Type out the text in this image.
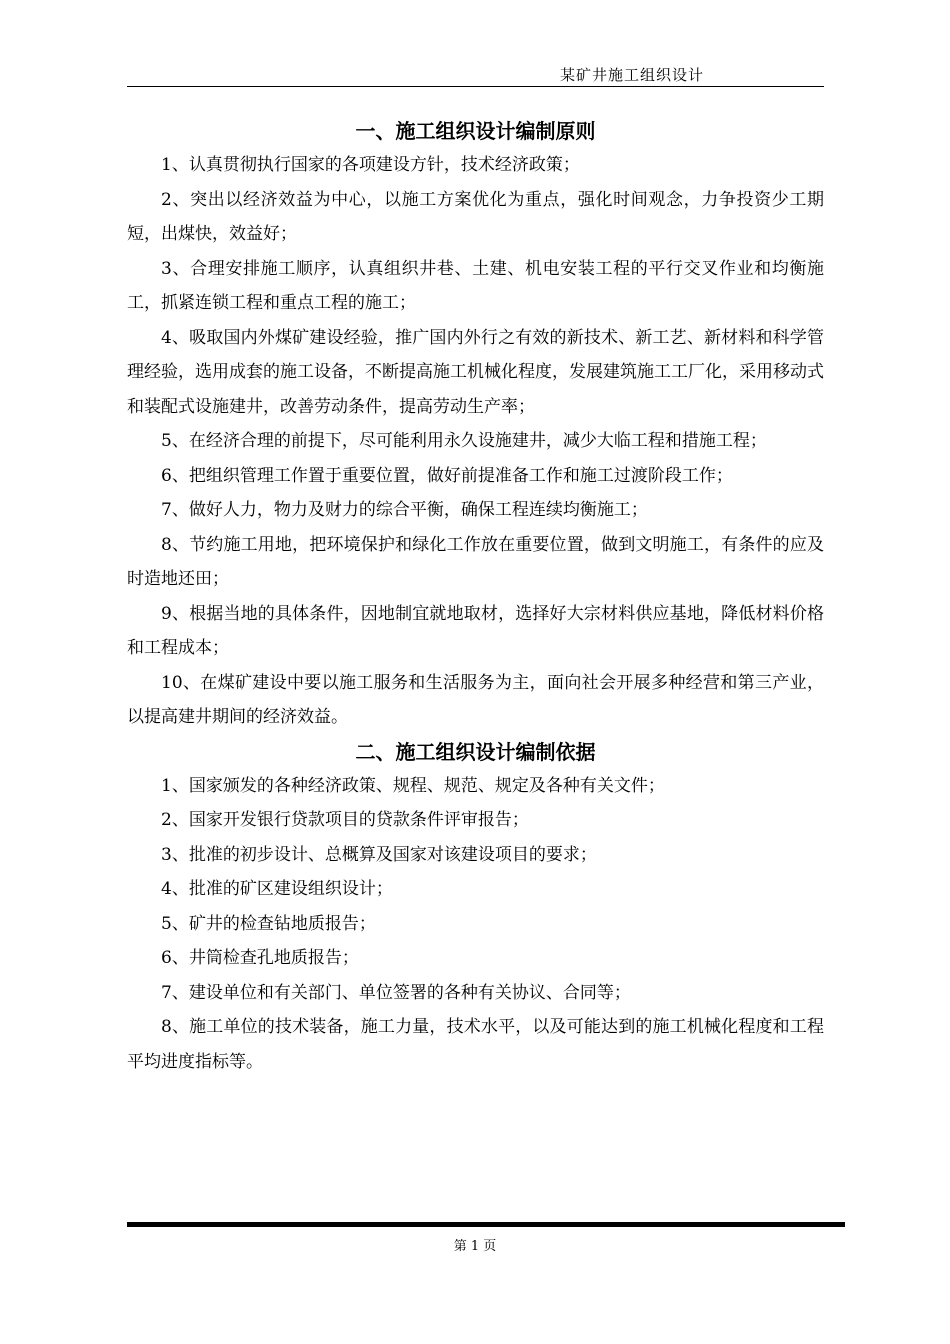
某矿井施工组织设计
一、施工组织设计编制原则

1、认真贯彻执行国家的各项建设方针，技术经济政策；

2、突出以经济效益为中心，以施工方案优化为重点，强化时间观念，力争投资少工期短，出煤快，效益好；

3、合理安排施工顺序，认真组织井巷、土建、机电安装工程的平行交叉作业和均衡施工，抓紧连锁工程和重点工程的施工；

4、吸取国内外煤矿建设经验，推广国内外行之有效的新技术、新工艺、新材料和科学管理经验，选用成套的施工设备，不断提高施工机械化程度，发展建筑施工工厂化，采用移动式和装配式设施建井，改善劳动条件，提高劳动生产率；

5、在经济合理的前提下，尽可能利用永久设施建井，减少大临工程和措施工程；

6、把组织管理工作置于重要位置，做好前提准备工作和施工过渡阶段工作；

7、做好人力，物力及财力的综合平衡，确保工程连续均衡施工；

8、节约施工用地，把环境保护和绿化工作放在重要位置，做到文明施工，有条件的应及时造地还田；

9、根据当地的具体条件，因地制宜就地取材，选择好大宗材料供应基地，降低材料价格和工程成本；

10、在煤矿建设中要以施工服务和生活服务为主，面向社会开展多种经营和第三产业，以提高建井期间的经济效益。

二、施工组织设计编制依据

1、国家颁发的各种经济政策、规程、规范、规定及各种有关文件；

2、国家开发银行贷款项目的贷款条件评审报告；

3、批准的初步设计、总概算及国家对该建设项目的要求；

4、批准的矿区建设组织设计；

5、矿井的检查钻地质报告；

6、井筒检查孔地质报告；

7、建设单位和有关部门、单位签署的各种有关协议、合同等；

8、施工单位的技术装备，施工力量，技术水平，以及可能达到的施工机械化程度和工程平均进度指标等。

第 1 页
